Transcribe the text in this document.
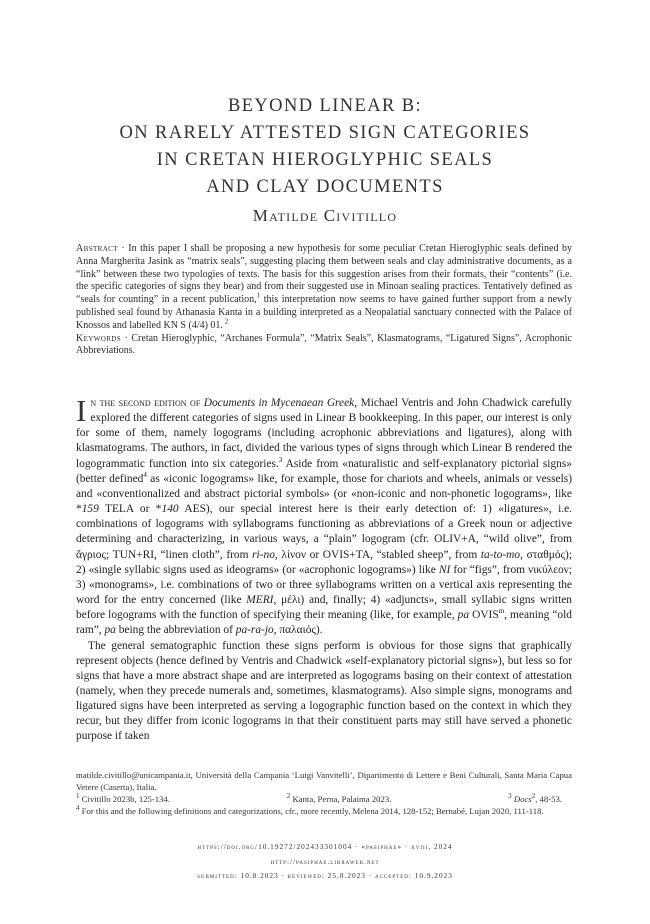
BEYOND LINEAR B:
ON RARELY ATTESTED SIGN CATEGORIES
IN CRETAN HIEROGLYPHIC SEALS
AND CLAY DOCUMENTS
Matilde Civitillo
Abstract · In this paper I shall be proposing a new hypothesis for some peculiar Cretan Hieroglyphic seals defined by Anna Margherita Jasink as “matrix seals”, suggesting placing them between seals and clay administrative documents, as a “link” between these two typologies of texts. The basis for this suggestion arises from their formats, their “contents” (i.e. the specific categories of signs they bear) and from their suggested use in Minoan sealing practices. Tentatively defined as “seals for counting” in a recent publication,$^1$ this interpretation now seems to have gained further support from a newly published seal found by Athanasia Kanta in a building interpreted as a Neopalatial sanctuary connected with the Palace of Knossos and labelled KN S (4/4) 01. $^2$
Keywords · Cretan Hieroglyphic, “Archanes Formula”, “Matrix Seals”, Klasmatograms, “Ligatured Signs”, Acrophonic Abbreviations.

In the second edition of Documents in Mycenaean Greek, Michael Ventris and John Chadwick carefully explored the different categories of signs used in Linear B bookkeeping. In this paper, our interest is only for some of them, namely logograms (including acrophonic abbreviations and ligatures), along with klasmatograms. The authors, in fact, divided the various types of signs through which Linear B rendered the logogrammatic function into six categories.$^3$ Aside from «naturalistic and self-explanatory pictorial signs» (better defined$^4$ as «iconic logograms» like, for example, those for chariots and wheels, animals or vessels) and «conventionalized and abstract pictorial symbols» (or «non-iconic and non-phonetic logograms», like *159 TELA or *140 AES), our special interest here is their early detection of: 1) «ligatures», i.e. combinations of logograms with syllabograms functioning as abbreviations of a Greek noun or adjective determining and characterizing, in various ways, a “plain” logogram (cfr. OLIV+A, “wild olive”, from ἄγριος; TUN+RI, “linen cloth”, from ri-no, λίνον or OVIS+TA, “stabled sheep”, from ta-to-mo, σταθμός); 2) «single syllabic signs used as ideograms» (or «acrophonic logograms») like NI for “figs”, from νικύλεον; 3) «monograms», i.e. combinations of two or three syllabograms written on a vertical axis representing the word for the entry concerned (like MERI, μέλι) and, finally; 4) «adjuncts», small syllabic signs written before logograms with the function of specifying their meaning (like, for example, pa OVIS$^m$, meaning “old ram”, pa being the abbreviation of pa-ra-jo, παλαιός).

The general sematographic function these signs perform is obvious for those signs that graphically represent objects (hence defined by Ventris and Chadwick «self-explanatory pictorial signs»), but less so for signs that have a more abstract shape and are interpreted as logograms basing on their context of attestation (namely, when they precede numerals and, sometimes, klasmatograms). Also simple signs, monograms and ligatured signs have been interpreted as serving a logographic function based on the context in which they recur, but they differ from iconic logograms in that their constituent parts may still have served a phonetic purpose if taken

matilde.civitillo@unicampania.it, Università della Campania ‘Luigi Vanvitelli’, Dipartimento di Lettere e Beni Culturali, Santa Maria Capua Vetere (Caserta), Italia.

$^1$ Civitillo 2023b, 125-134.	$^2$ Kanta, Perna, Palaima 2023.	$^3$ Docs$^2$, 48-53.

$^4$ For this and the following definitions and categorizations, cfr., more recently, Melena 2014, 128-152; Bernabé, Lujan 2020, 111-118.

https://doi.org/10.19272/202433301004 · «pasiphae» · xviii, 2024
http://pasiphae.libraweb.net
submitted: 10.8.2023 · reviewed: 25.8.2023 · accepted: 10.9.2023
